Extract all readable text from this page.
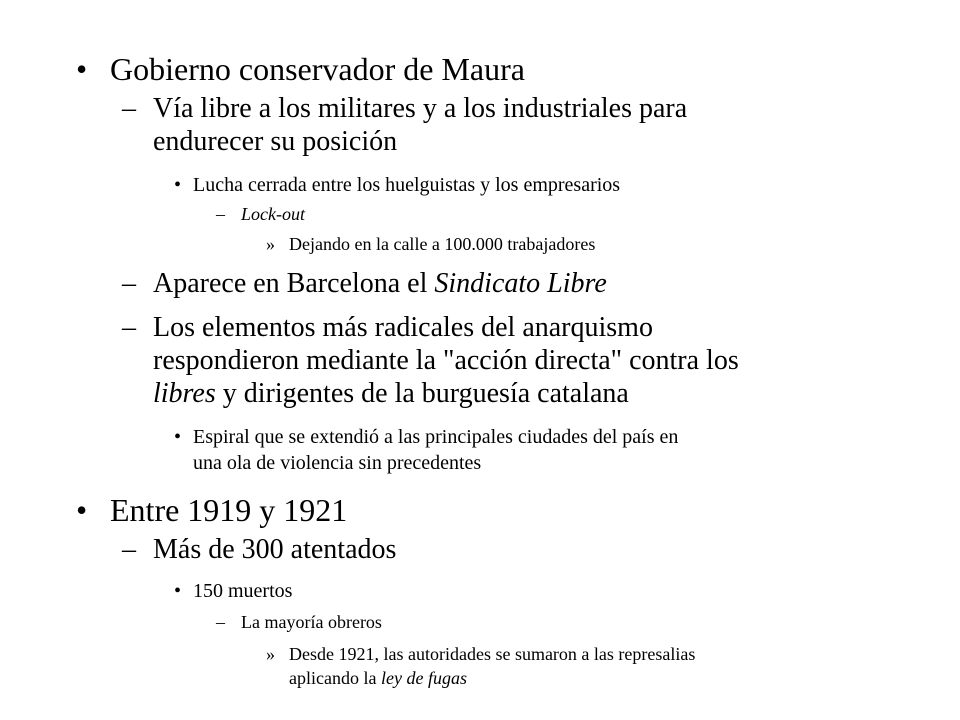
• Gobierno conservador de Maura
– Vía libre a los militares y a los industriales para
endurecer su posición
• Lucha cerrada entre los huelguistas y los empresarios
– Lock-out
» Dejando en la calle a 100.000 trabajadores
– Aparece en Barcelona el Sindicato Libre
– Los elementos más radicales del anarquismo
respondieron mediante la "acción directa" contra los
libres y dirigentes de la burguesía catalana
• Espiral que se extendió a las principales ciudades del país en
una ola de violencia sin precedentes
• Entre 1919 y 1921
– Más de 300 atentados
• 150 muertos
– La mayoría obreros
» Desde 1921, las autoridades se sumaron a las represalias
aplicando la ley de fugas
